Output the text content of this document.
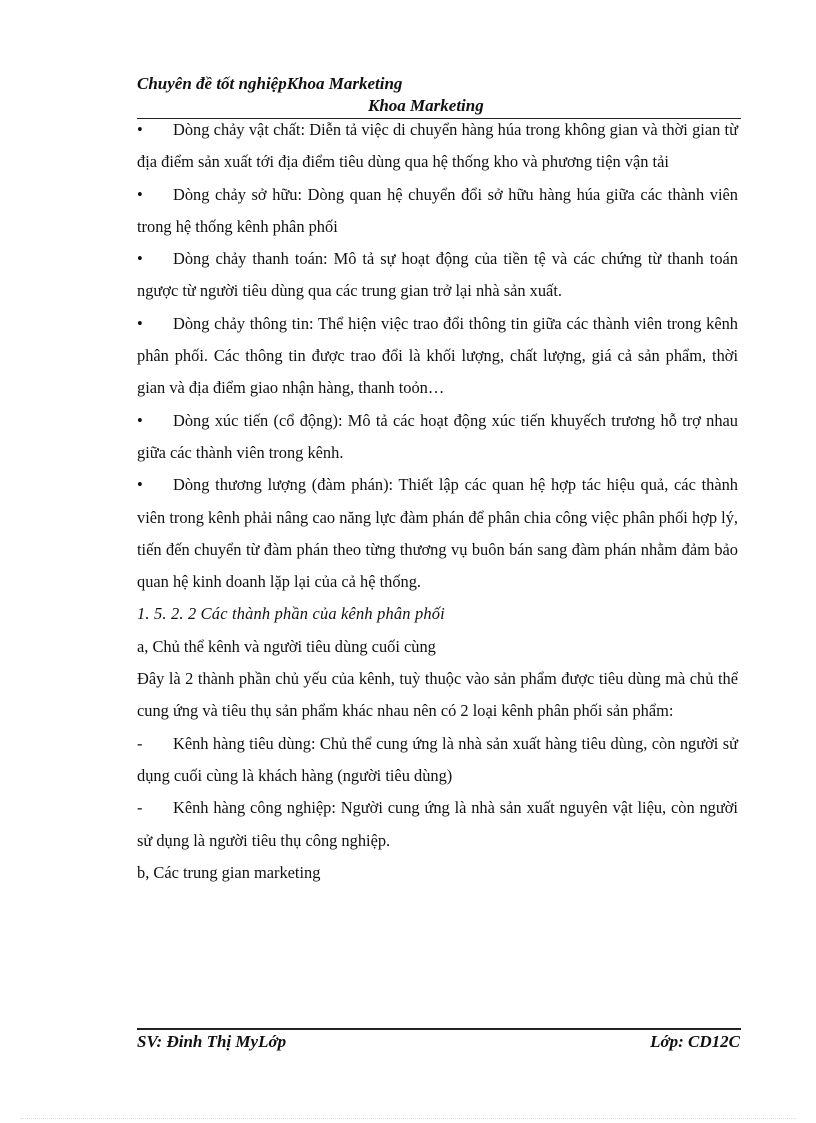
Chuyên đề tốt nghiệpKhoa Marketing
Khoa Marketing

• Dòng chảy vật chất: Diễn tả việc di chuyển hàng húa trong không gian và thời gian từ địa điểm sản xuất tới địa điểm tiêu dùng qua hệ thống kho và phương tiện vận tải

• Dòng chảy sở hữu: Dòng quan hệ chuyển đổi sở hữu hàng húa giữa các thành viên trong hệ thống kênh phân phối

• Dòng chảy thanh toán: Mô tả sự hoạt động của tiền tệ và các chứng từ thanh toán ngược từ người tiêu dùng qua các trung gian trở lại nhà sản xuất.

• Dòng chảy thông tin: Thể hiện việc trao đổi thông tin giữa các thành viên trong kênh phân phối. Các thông tin được trao đổi là khối lượng, chất lượng, giá cả sản phẩm, thời gian và địa điểm giao nhận hàng, thanh toỏn…

• Dòng xúc tiến (cổ động): Mô tả các hoạt động xúc tiến khuyếch trương hỗ trợ nhau giữa các thành viên trong kênh.

• Dòng thương lượng (đàm phán): Thiết lập các quan hệ hợp tác hiệu quả, các thành viên trong kênh phải nâng cao năng lực đàm phán để phân chia công việc phân phối hợp lý, tiến đến chuyển từ đàm phán theo từng thương vụ buôn bán sang đàm phán nhằm đảm bảo quan hệ kinh doanh lặp lại của cả hệ thống.

1. 5. 2. 2 Các thành phần của kênh phân phối

a, Chủ thể kênh và người tiêu dùng cuối cùng

Đây là 2 thành phần chủ yếu của kênh, tuỳ thuộc vào sản phẩm được tiêu dùng mà chủ thể cung ứng và tiêu thụ sản phẩm khác nhau nên có 2 loại kênh phân phối sản phẩm:

- Kênh hàng tiêu dùng: Chủ thể cung ứng là nhà sản xuất hàng tiêu dùng, còn người sử dụng cuối cùng là khách hàng (người tiêu dùng)

- Kênh hàng công nghiệp: Người cung ứng là nhà sản xuất nguyên vật liệu, còn người sử dụng là người tiêu thụ công nghiệp.

b, Các trung gian marketing

SV: Đinh Thị MyLớp	Lớp: CD12C
